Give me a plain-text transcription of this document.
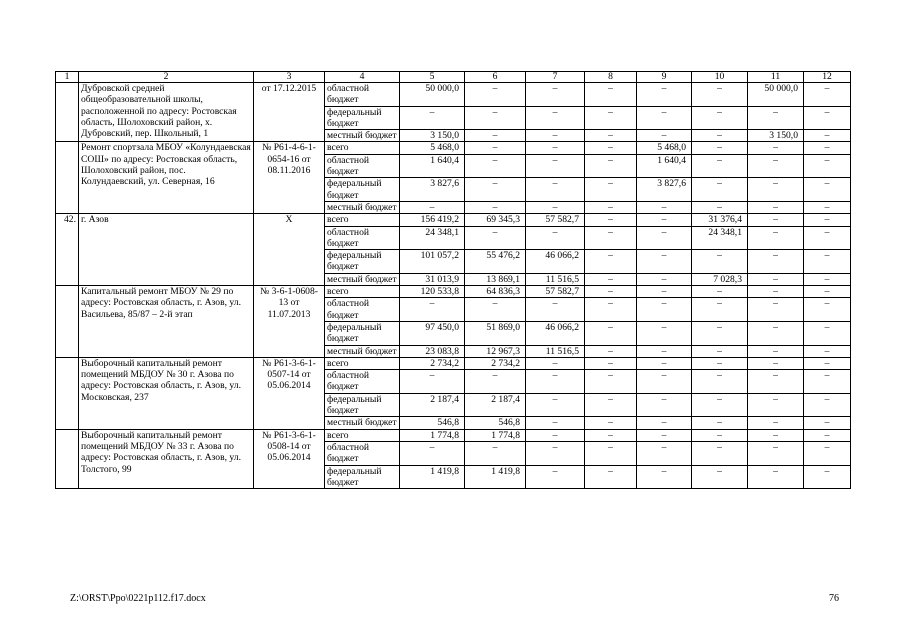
1	2	3	4	5	6	7	8	9	10	11	12
	Дубровской средней общеобразовательной школы, расположенной по адресу: Ростовская область, Шолоховский район, х. Дубровский, пер. Школьный, 1	от 17.12.2015	областной бюджет	50 000,0	–	–	–	–	–	50 000,0	–
			федеральный бюджет	–	–	–	–	–	–	–	–
			местный бюджет	3 150,0	–	–	–	–	–	3 150,0	–
	Ремонт спортзала МБОУ «Колундаевская СОШ» по адресу: Ростовская область, Шолоховский район, пос. Колундаевский, ул. Северная, 16	№ Р61-4-6-1-0654-16 от 08.11.2016	всего	5 468,0	–	–	–	5 468,0	–	–	–
			областной бюджет	1 640,4	–	–	–	1 640,4	–	–	–
			федеральный бюджет	3 827,6	–	–	–	3 827,6	–	–	–
			местный бюджет	–	–	–	–	–	–	–	–
42.	г. Азов	Х	всего	156 419,2	69 345,3	57 582,7	–	–	31 376,4	–	–
			областной бюджет	24 348,1	–	–	–	–	24 348,1	–	–
			федеральный бюджет	101 057,2	55 476,2	46 066,2	–	–	–	–	–
			местный бюджет	31 013,9	13 869,1	11 516,5	–	–	7 028,3	–	–
	Капитальный ремонт МБОУ № 29 по адресу: Ростовская область, г. Азов, ул. Васильева, 85/87 – 2-й этап	№ 3-6-1-0608-13 от 11.07.2013	всего	120 533,8	64 836,3	57 582,7	–	–	–	–	–
			областной бюджет	–	–	–	–	–	–	–	–
			федеральный бюджет	97 450,0	51 869,0	46 066,2	–	–	–	–	–
			местный бюджет	23 083,8	12 967,3	11 516,5	–	–	–	–	–
	Выборочный капитальный ремонт помещений МБДОУ № 30 г. Азова по адресу: Ростовская область, г. Азов, ул. Московская, 237	№ Р61-3-6-1-0507-14 от 05.06.2014	всего	2 734,2	2 734,2	–	–	–	–	–	–
			областной бюджет	–	–	–	–	–	–	–	–
			федеральный бюджет	2 187,4	2 187,4	–	–	–	–	–	–
			местный бюджет	546,8	546,8	–	–	–	–	–	–
	Выборочный капитальный ремонт помещений МБДОУ № 33 г. Азова по адресу: Ростовская область, г. Азов, ул. Толстого, 99	№ Р61-3-6-1-0508-14 от 05.06.2014	всего	1 774,8	1 774,8	–	–	–	–	–	–
			областной бюджет	–	–	–	–	–	–	–	–
			федеральный бюджет	1 419,8	1 419,8	–	–	–	–	–	–
Z:\ORST\Ppo\0221p112.f17.docx	76
